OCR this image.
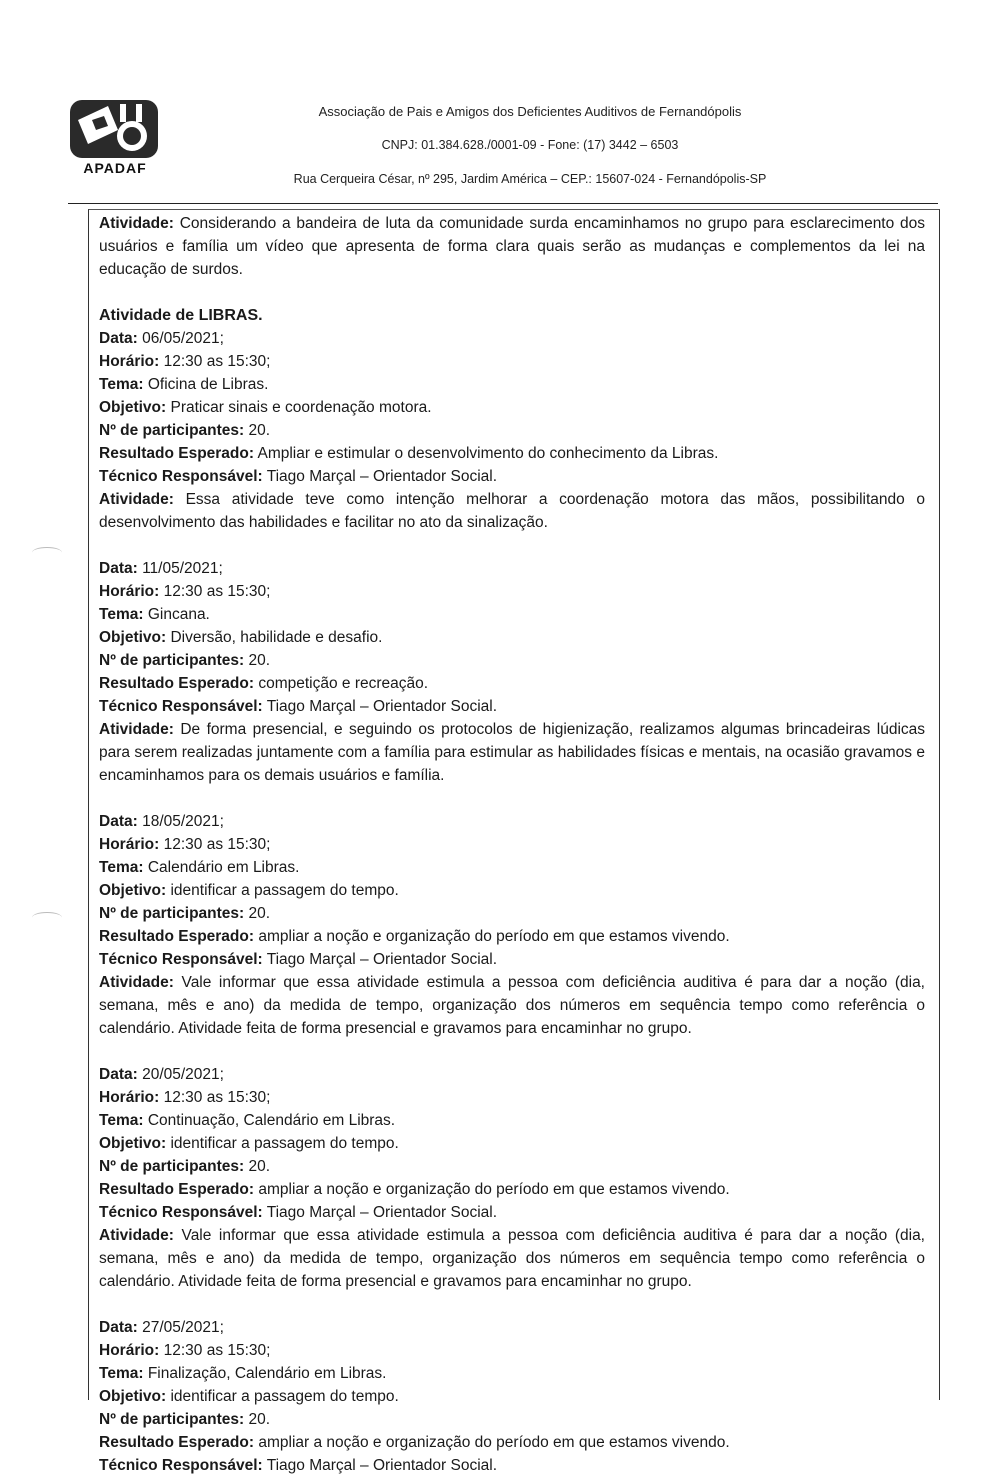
APADAF
Associação de Pais e Amigos dos Deficientes Auditivos de Fernandópolis
CNPJ: 01.384.628./0001-09 - Fone: (17) 3442 – 6503
Rua Cerqueira César, nº 295, Jardim América – CEP.: 15607-024 - Fernandópolis-SP

Atividade: Considerando a bandeira de luta da comunidade surda encaminhamos no grupo para esclarecimento dos usuários e família um vídeo que apresenta de forma clara quais serão as mudanças e complementos da lei na educação de surdos.

Atividade de LIBRAS.

Data: 06/05/2021;

Horário: 12:30 as 15:30;

Tema: Oficina de Libras.

Objetivo: Praticar sinais e coordenação motora.

Nº de participantes: 20.

Resultado Esperado: Ampliar e estimular o desenvolvimento do conhecimento da Libras.

Técnico Responsável: Tiago Marçal – Orientador Social.

Atividade: Essa atividade teve como intenção melhorar a coordenação motora das mãos, possibilitando o desenvolvimento das habilidades e facilitar no ato da sinalização.

Data: 11/05/2021;

Horário: 12:30 as 15:30;

Tema: Gincana.

Objetivo: Diversão, habilidade e desafio.

Nº de participantes: 20.

Resultado Esperado: competição e recreação.

Técnico Responsável: Tiago Marçal – Orientador Social.

Atividade: De forma presencial, e seguindo os protocolos de higienização, realizamos algumas brincadeiras lúdicas para serem realizadas juntamente com a família para estimular as habilidades físicas e mentais, na ocasião gravamos e encaminhamos para os demais usuários e família.

Data: 18/05/2021;

Horário: 12:30 as 15:30;

Tema: Calendário em Libras.

Objetivo: identificar a passagem do tempo.

Nº de participantes: 20.

Resultado Esperado: ampliar a noção e organização do período em que estamos vivendo.

Técnico Responsável: Tiago Marçal – Orientador Social.

Atividade: Vale informar que essa atividade estimula a pessoa com deficiência auditiva é para dar a noção (dia, semana, mês e ano) da medida de tempo, organização dos números em sequência tempo como referência o calendário. Atividade feita de forma presencial e gravamos para encaminhar no grupo.

Data: 20/05/2021;

Horário: 12:30 as 15:30;

Tema: Continuação, Calendário em Libras.

Objetivo: identificar a passagem do tempo.

Nº de participantes: 20.

Resultado Esperado: ampliar a noção e organização do período em que estamos vivendo.

Técnico Responsável: Tiago Marçal – Orientador Social.

Atividade: Vale informar que essa atividade estimula a pessoa com deficiência auditiva é para dar a noção (dia, semana, mês e ano) da medida de tempo, organização dos números em sequência tempo como referência o calendário. Atividade feita de forma presencial e gravamos para encaminhar no grupo.

Data: 27/05/2021;

Horário: 12:30 as 15:30;

Tema: Finalização, Calendário em Libras.

Objetivo: identificar a passagem do tempo.

Nº de participantes: 20.

Resultado Esperado: ampliar a noção e organização do período em que estamos vivendo.

Técnico Responsável: Tiago Marçal – Orientador Social.
